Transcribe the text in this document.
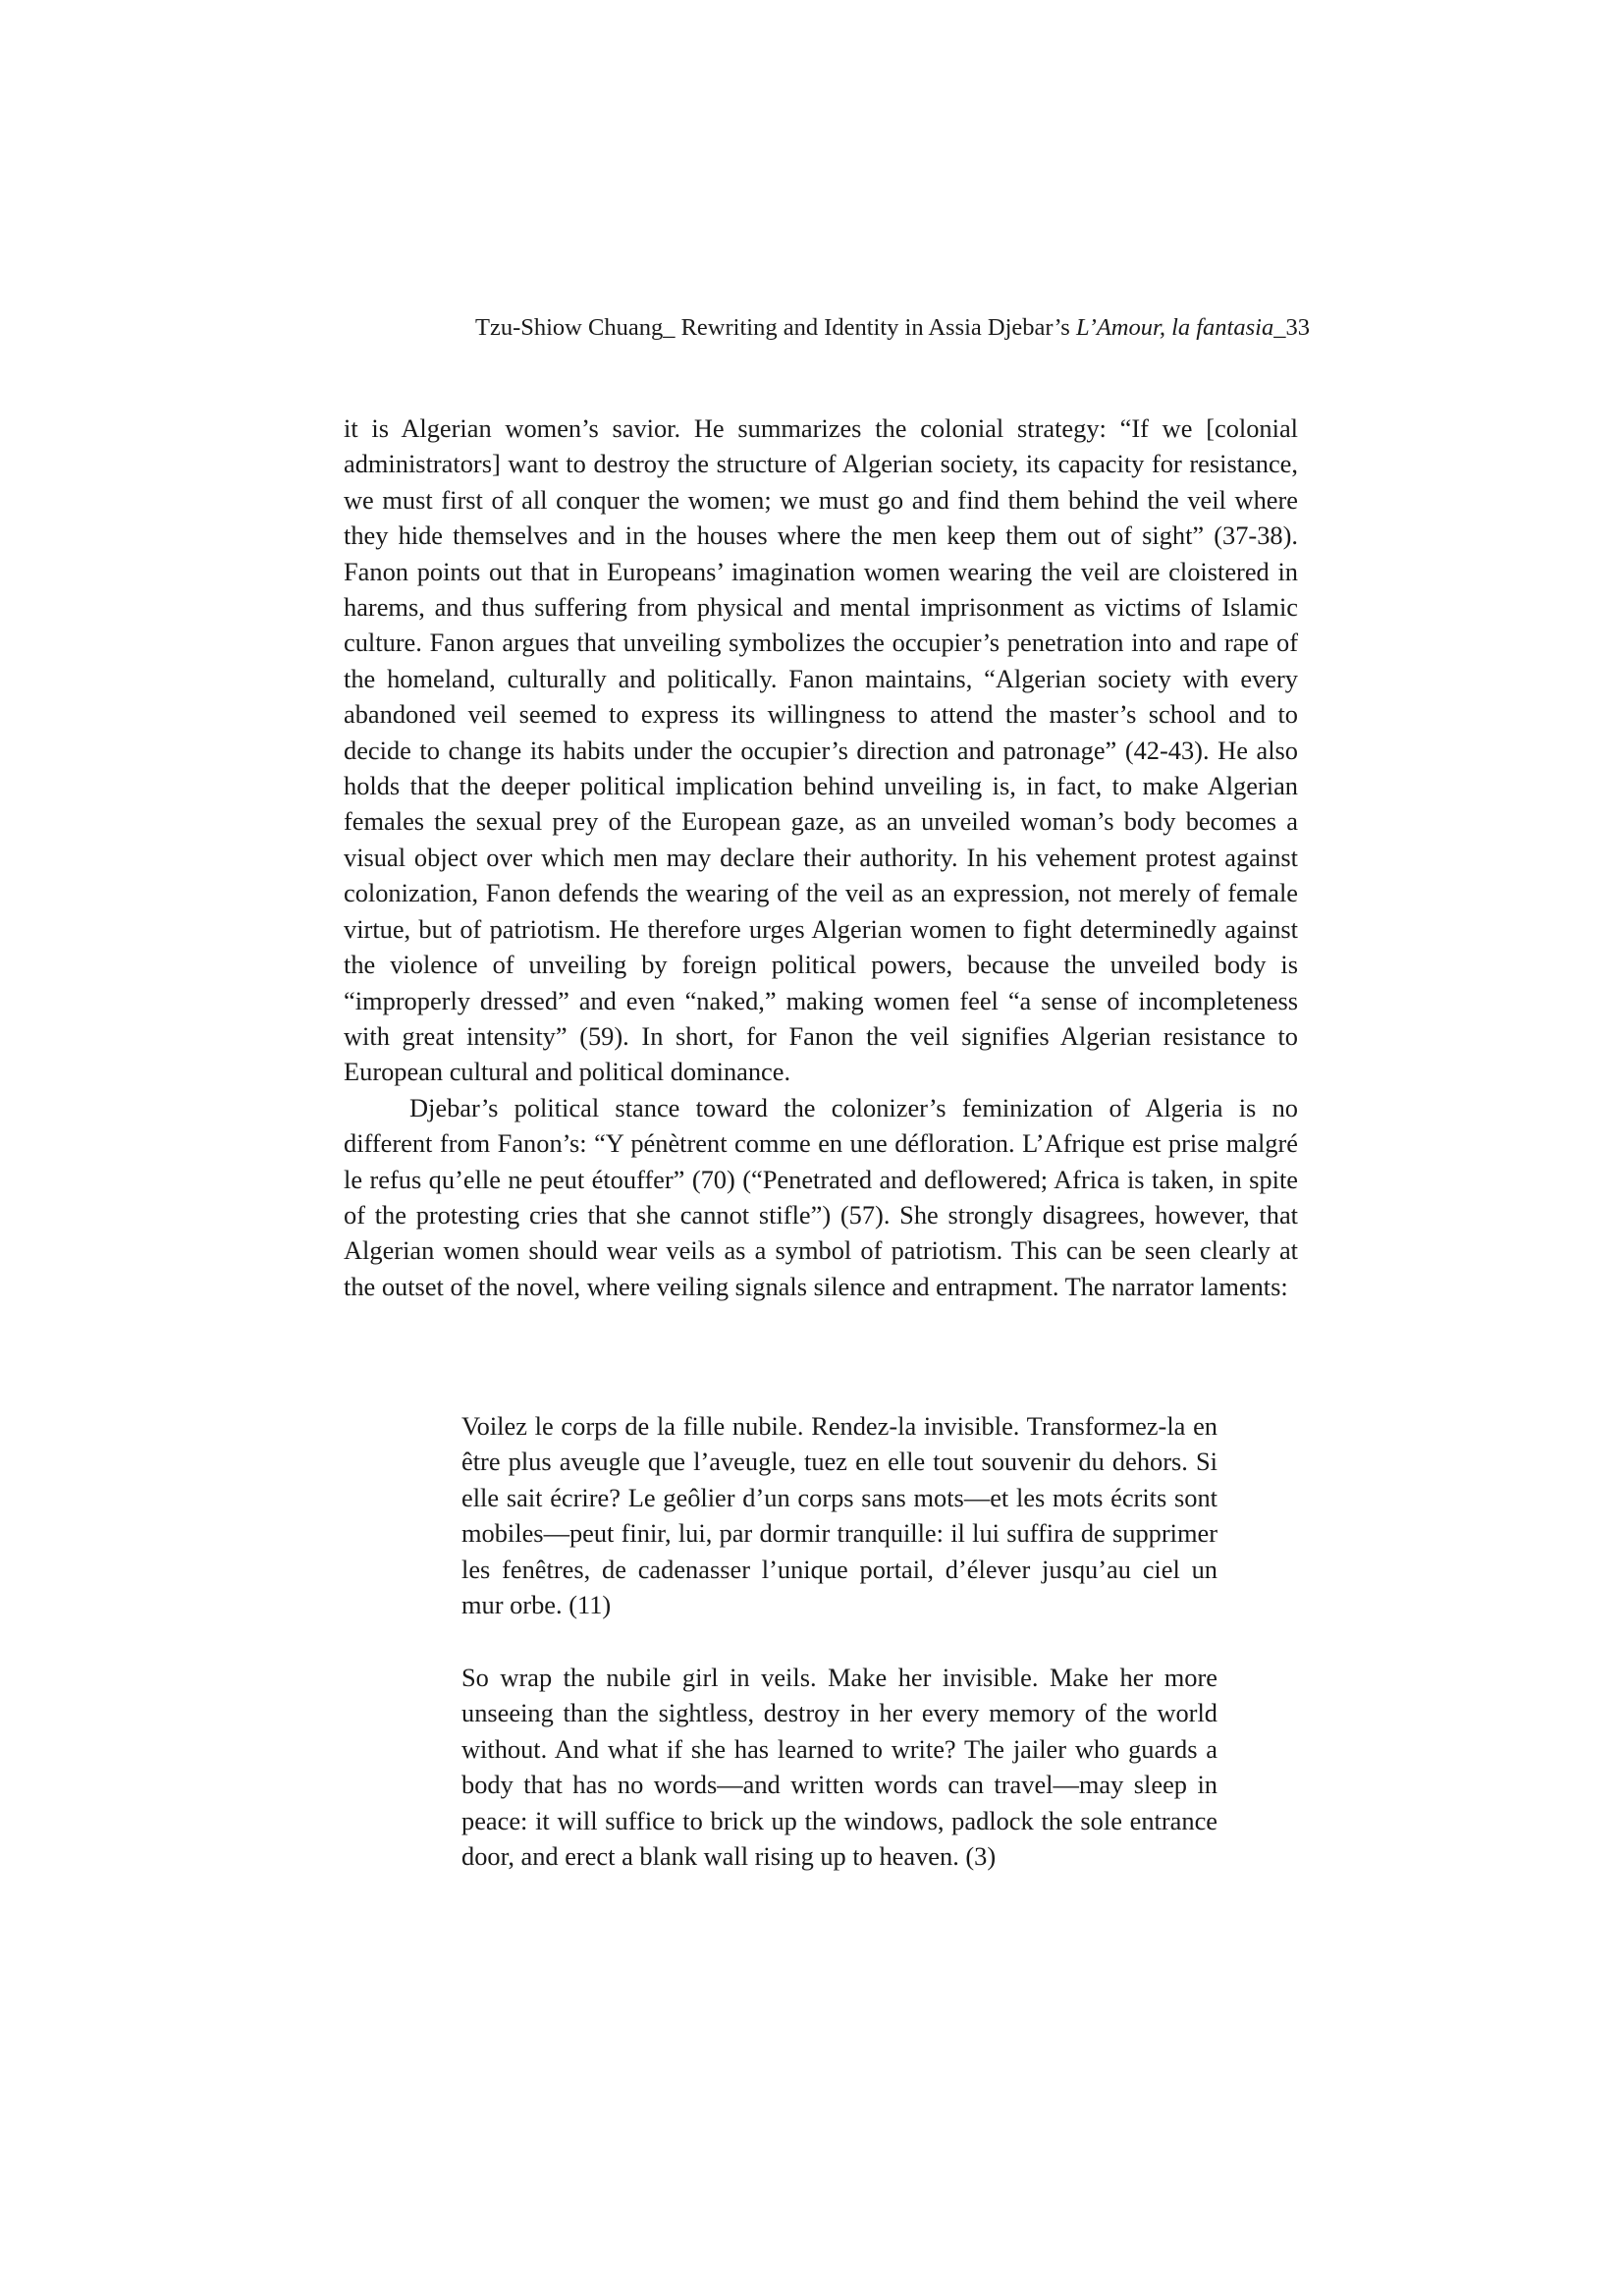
Tzu-Shiow Chuang_ Rewriting and Identity in Assia Djebar’s L’Amour, la fantasia_33

it is Algerian women’s savior. He summarizes the colonial strategy: “If we [colonial administrators] want to destroy the structure of Algerian society, its capacity for resistance, we must first of all conquer the women; we must go and find them behind the veil where they hide themselves and in the houses where the men keep them out of sight” (37-38). Fanon points out that in Europeans’ imagination women wearing the veil are cloistered in harems, and thus suffering from physical and mental imprisonment as victims of Islamic culture. Fanon argues that unveiling symbolizes the occupier’s penetration into and rape of the homeland, culturally and politically. Fanon maintains, “Algerian society with every abandoned veil seemed to express its willingness to attend the master’s school and to decide to change its habits under the occupier’s direction and patronage” (42-43). He also holds that the deeper political implication behind unveiling is, in fact, to make Algerian females the sexual prey of the European gaze, as an unveiled woman’s body becomes a visual object over which men may declare their authority. In his vehement protest against colonization, Fanon defends the wearing of the veil as an expression, not merely of female virtue, but of patriotism. He therefore urges Algerian women to fight determinedly against the violence of unveiling by foreign political powers, because the unveiled body is “improperly dressed” and even “naked,” making women feel “a sense of incompleteness with great intensity” (59). In short, for Fanon the veil signifies Algerian resistance to European cultural and political dominance.

Djebar’s political stance toward the colonizer’s feminization of Algeria is no different from Fanon’s: “Y pénètrent comme en une défloration. L’Afrique est prise malgré le refus qu’elle ne peut étouffer” (70) (“Penetrated and deflowered; Africa is taken, in spite of the protesting cries that she cannot stifle”) (57). She strongly disagrees, however, that Algerian women should wear veils as a symbol of patriotism. This can be seen clearly at the outset of the novel, where veiling signals silence and entrapment. The narrator laments:

Voilez le corps de la fille nubile. Rendez-la invisible. Transformez-la en être plus aveugle que l’aveugle, tuez en elle tout souvenir du dehors. Si elle sait écrire? Le geôlier d’un corps sans mots—et les mots écrits sont mobiles—peut finir, lui, par dormir tranquille: il lui suffira de supprimer les fenêtres, de cadenasser l’unique portail, d’élever jusqu’au ciel un mur orbe. (11)

So wrap the nubile girl in veils. Make her invisible. Make her more unseeing than the sightless, destroy in her every memory of the world without. And what if she has learned to write? The jailer who guards a body that has no words—and written words can travel—may sleep in peace: it will suffice to brick up the windows, padlock the sole entrance door, and erect a blank wall rising up to heaven. (3)
